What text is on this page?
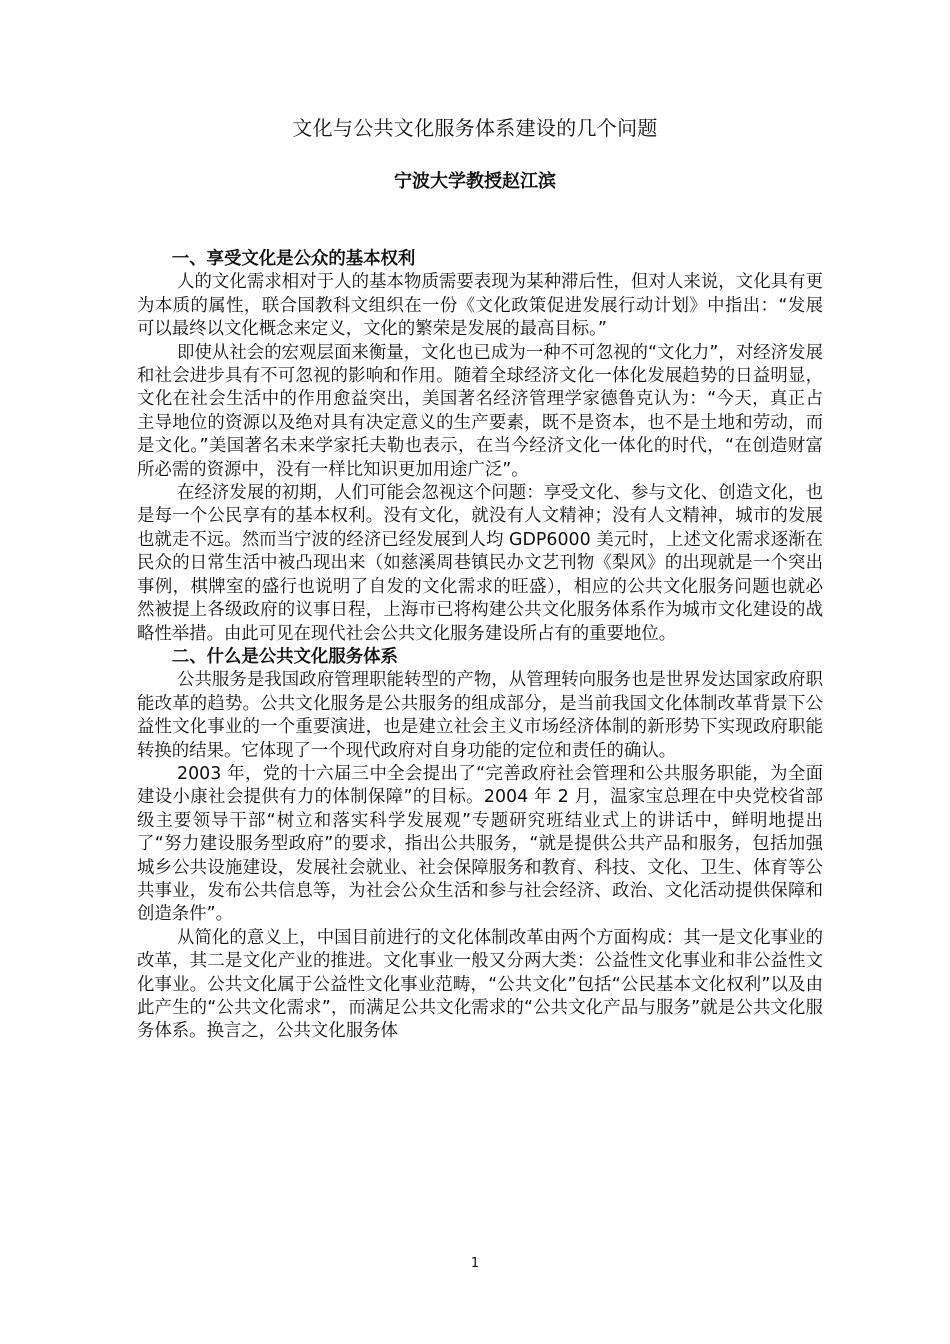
文化与公共文化服务体系建设的几个问题
宁波大学教授赵江滨

一、享受文化是公众的基本权利

人的文化需求相对于人的基本物质需要表现为某种滞后性，但对人来说，文化具有更为本质的属性，联合国教科文组织在一份《文化政策促进发展行动计划》中指出：“发展可以最终以文化概念来定义，文化的繁荣是发展的最高目标。”

即使从社会的宏观层面来衡量，文化也已成为一种不可忽视的“文化力”，对经济发展和社会进步具有不可忽视的影响和作用。随着全球经济文化一体化发展趋势的日益明显，文化在社会生活中的作用愈益突出，美国著名经济管理学家德鲁克认为：“今天，真正占主导地位的资源以及绝对具有决定意义的生产要素，既不是资本，也不是土地和劳动，而是文化。”美国著名未来学家托夫勒也表示，在当今经济文化一体化的时代，“在创造财富所必需的资源中，没有一样比知识更加用途广泛”。

在经济发展的初期，人们可能会忽视这个问题：享受文化、参与文化、创造文化，也是每一个公民享有的基本权利。没有文化，就没有人文精神；没有人文精神，城市的发展也就走不远。然而当宁波的经济已经发展到人均 GDP6000 美元时，上述文化需求逐渐在民众的日常生活中被凸现出来（如慈溪周巷镇民办文艺刊物《梨风》的出现就是一个突出事例，棋牌室的盛行也说明了自发的文化需求的旺盛），相应的公共文化服务问题也就必然被提上各级政府的议事日程，上海市已将构建公共文化服务体系作为城市文化建设的战略性举措。由此可见在现代社会公共文化服务建设所占有的重要地位。

二、什么是公共文化服务体系

公共服务是我国政府管理职能转型的产物，从管理转向服务也是世界发达国家政府职能改革的趋势。公共文化服务是公共服务的组成部分，是当前我国文化体制改革背景下公益性文化事业的一个重要演进，也是建立社会主义市场经济体制的新形势下实现政府职能转换的结果。它体现了一个现代政府对自身功能的定位和责任的确认。

2003 年，党的十六届三中全会提出了“完善政府社会管理和公共服务职能，为全面建设小康社会提供有力的体制保障”的目标。2004 年 2 月，温家宝总理在中央党校省部级主要领导干部“树立和落实科学发展观”专题研究班结业式上的讲话中，鲜明地提出了“努力建设服务型政府”的要求，指出公共服务，“就是提供公共产品和服务，包括加强城乡公共设施建设，发展社会就业、社会保障服务和教育、科技、文化、卫生、体育等公共事业，发布公共信息等，为社会公众生活和参与社会经济、政治、文化活动提供保障和创造条件”。

从简化的意义上，中国目前进行的文化体制改革由两个方面构成：其一是文化事业的改革，其二是文化产业的推进。文化事业一般又分两大类：公益性文化事业和非公益性文化事业。公共文化属于公益性文化事业范畴，“公共文化”包括“公民基本文化权利”以及由此产生的“公共文化需求”，而满足公共文化需求的“公共文化产品与服务”就是公共文化服务体系。换言之，公共文化服务体

1
